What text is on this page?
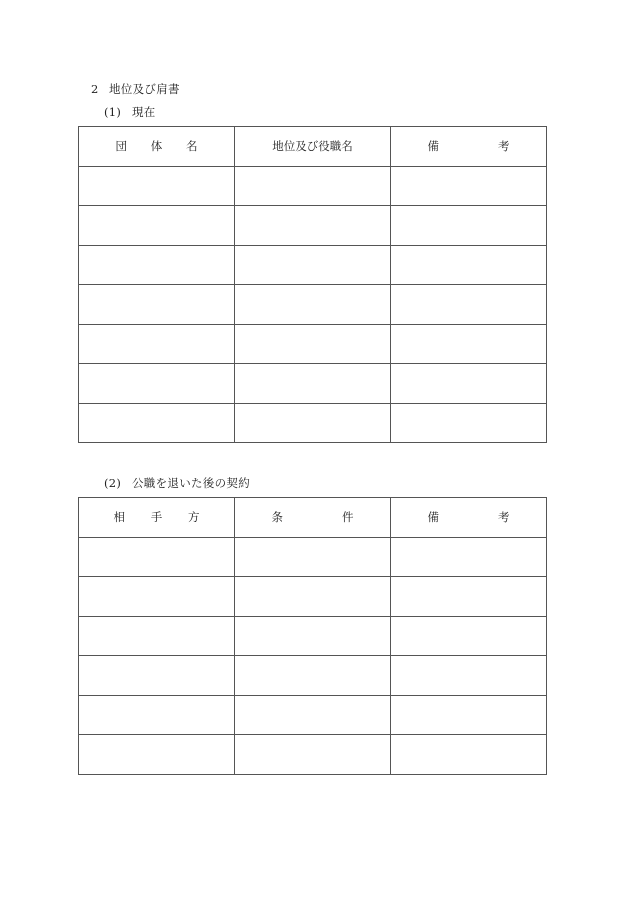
2 地位及び肩書
(1) 現在
団 体 名	地位及び役職名	備 考

(2) 公職を退いた後の契約
相 手 方	条 件	備 考
